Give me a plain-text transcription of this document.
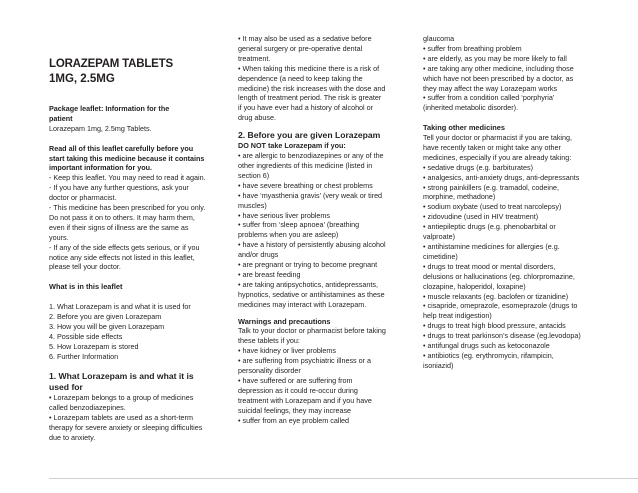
LORAZEPAM TABLETS
1MG, 2.5MG

Package leaflet: Information for the
patient

Lorazepam 1mg, 2.5mg Tablets.

Read all of this leaflet carefully before you start taking this medicine because it contains important information for you.

- Keep this leaflet. You may need to read it again.

- If you have any further questions, ask your doctor or pharmacist.

- This medicine has been prescribed for you only. Do not pass it on to others. It may harm them, even if their signs of illness are the same as yours.

- If any of the side effects gets serious, or if you notice any side effects not listed in this leaflet, please tell your doctor.

What is in this leaflet
1. What Lorazepam is and what it is used for
2. Before you are given Lorazepam
3. How you will be given Lorazepam
4. Possible side effects
5. How Lorazepam is stored
6. Further Information
1. What Lorazepam is and what it is used for

• Lorazepam belongs to a group of medicines called benzodiazepines.

• Lorazepam tablets are used as a short-term therapy for severe anxiety or sleeping difficulties due to anxiety.

• It may also be used as a sedative before general surgery or pre-operative dental treatment.

• When taking this medicine there is a risk of dependence (a need to keep taking the medicine) the risk increases with the dose and length of treatment period. The risk is greater if you have ever had a history of alcohol or drug abuse.

2. Before you are given Lorazepam

DO NOT take Lorazepam if you:

• are allergic to benzodiazepines or any of the other ingredients of this medicine (listed in section 6)
• have severe breathing or chest problems
• have ‘myasthenia gravis’ (very weak or tired muscles)
• have serious liver problems
• suffer from ‘sleep apnoea’ (breathing problems when you are asleep)
• have a history of persistently abusing alcohol and/or drugs
• are pregnant or trying to become pregnant
• are breast feeding
• are taking antipsychotics, antidepressants, hypnotics, sedative or antihistamines as these medicines may interact with Lorazepam.
Warnings and precautions

Talk to your doctor or pharmacist before taking these tablets if you:

• have kidney or liver problems
• are suffering from psychiatric illness or a personality disorder
• have suffered or are suffering from depression as it could re-occur during treatment with Lorazepam and if you have suicidal feelings, they may increase
• suffer from an eye problem called
glaucoma
• suffer from breathing problem
• are elderly, as you may be more likely to fall
• are taking any other medicine, including those which have not been prescribed by a doctor, as they may affect the way Lorazepam works
• suffer from a condition called ‘porphyria’ (inherited metabolic disorder).
Taking other medicines

Tell your doctor or pharmacist if you are taking, have recently taken or might take any other medicines, especially if you are already taking:

• sedative drugs (e.g. barbiturates)
• analgesics, anti-anxiety drugs, anti-depressants
• strong painkillers (e.g. tramadol, codeine, morphine, methadone)
• sodium oxybate (used to treat narcolepsy)
• zidovudine (used in HIV treatment)
• antiepileptic drugs (e.g. phenobarbital or valproate)
• antihistamine medicines for allergies (e.g. cimetidine)
• drugs to treat mood or mental disorders, delusions or hallucinations (eg. chlorpromazine, clozapine, haloperidol, loxapine)
• muscle relaxants (eg. baclofen or tizanidine)
• cisapride, omeprazole, esomeprazole (drugs to help treat indigestion)
• drugs to treat high blood pressure, antacids
• drugs to treat parkinson’s disease (eg.levodopa)
• antifungal drugs such as ketoconazole
• antibiotics (eg. erythromycin, rifampicin, isoniazid)
